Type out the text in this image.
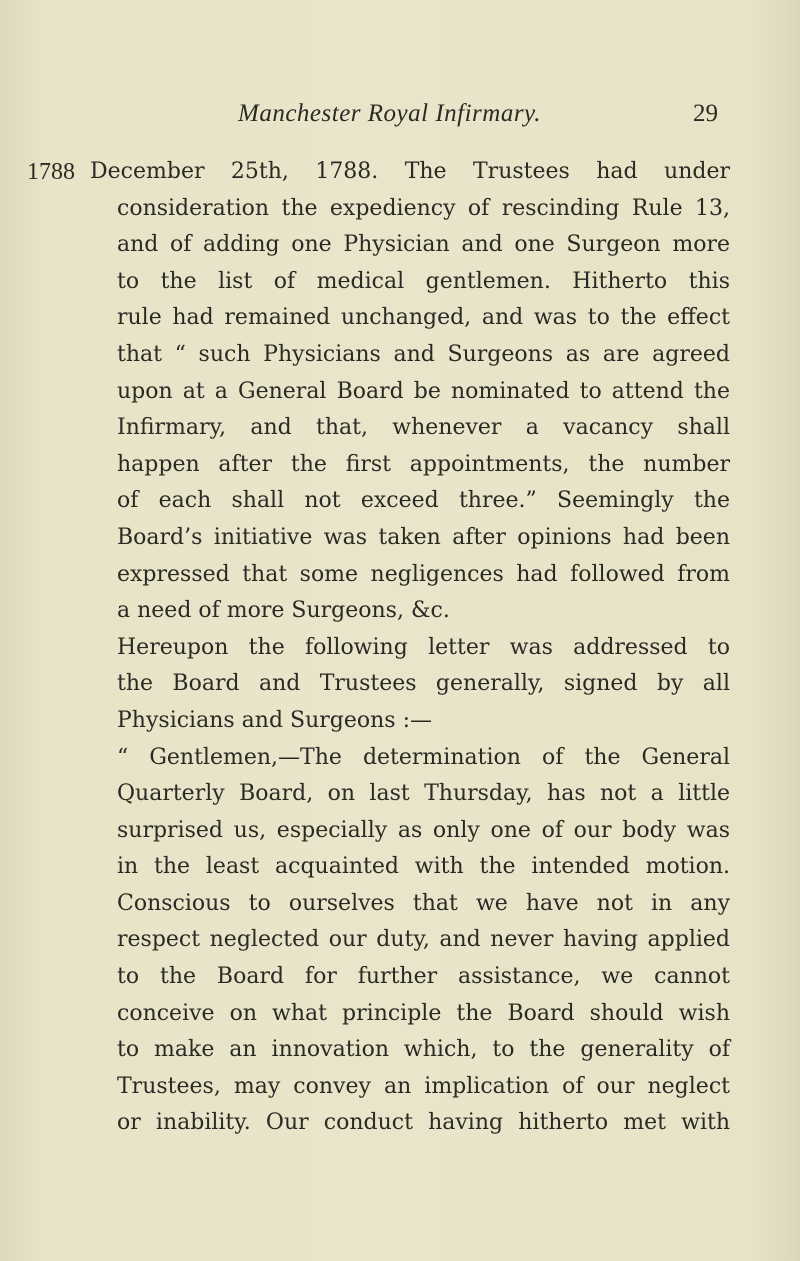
Manchester Royal Infirmary.	29
1788 December 25th, 1788. The Trustees had under
consideration the expediency of rescinding Rule 13,
and of adding one Physician and one Surgeon more
to the list of medical gentlemen. Hitherto this
rule had remained unchanged, and was to the effect
that “ such Physicians and Surgeons as are agreed
upon at a General Board be nominated to attend the
Infirmary, and that, whenever a vacancy shall
happen after the first appointments, the number
of each shall not exceed three.” Seemingly the
Board’s initiative was taken after opinions had been
expressed that some negligences had followed from
a need of more Surgeons, &c.
Hereupon the following letter was addressed to
the Board and Trustees generally, signed by all
Physicians and Surgeons :—
“ Gentlemen,—The determination of the General
Quarterly Board, on last Thursday, has not a little
surprised us, especially as only one of our body was
in the least acquainted with the intended motion.
Conscious to ourselves that we have not in any
respect neglected our duty, and never having applied
to the Board for further assistance, we cannot
conceive on what principle the Board should wish
to make an innovation which, to the generality of
Trustees, may convey an implication of our neglect
or inability. Our conduct having hitherto met with
